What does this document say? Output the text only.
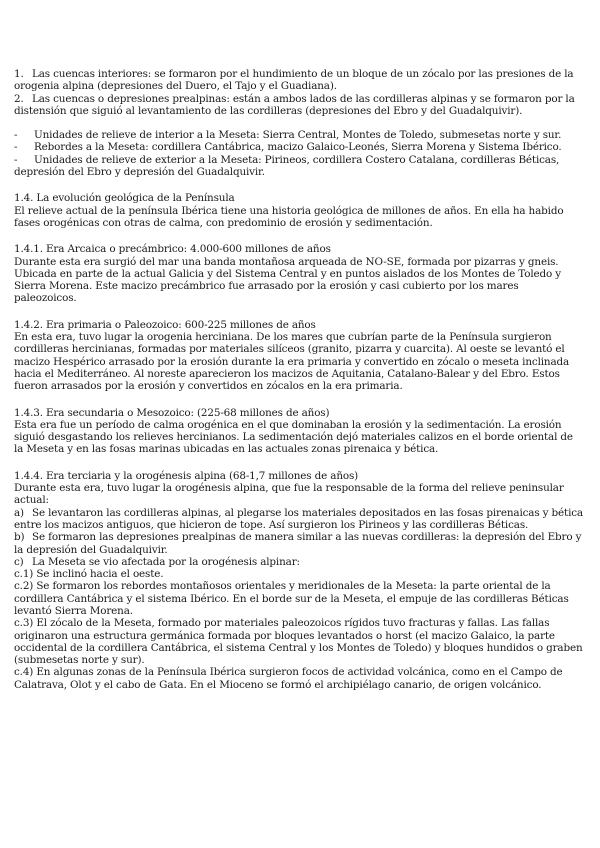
1. Las cuencas interiores: se formaron por el hundimiento de un bloque de un zócalo por las presiones de la orogenia alpina (depresiones del Duero, el Tajo y el Guadiana).

2. Las cuencas o depresiones prealpinas: están a ambos lados de las cordilleras alpinas y se formaron por la distensión que siguió al levantamiento de las cordilleras (depresiones del Ebro y del Guadalquivir).

- Unidades de relieve de interior a la Meseta: Sierra Central, Montes de Toledo, submesetas norte y sur.

- Rebordes a la Meseta: cordillera Cantábrica, macizo Galaico-Leonés, Sierra Morena y Sistema Ibérico.

- Unidades de relieve de exterior a la Meseta: Pirineos, cordillera Costero Catalana, cordilleras Béticas, depresión del Ebro y depresión del Guadalquivir.

1.4. La evolución geológica de la Península

El relieve actual de la península Ibérica tiene una historia geológica de millones de años. En ella ha habido fases orogénicas con otras de calma, con predominio de erosión y sedimentación.

1.4.1. Era Arcaica o precámbrico: 4.000-600 millones de años

Durante esta era surgió del mar una banda montañosa arqueada de NO-SE, formada por pizarras y gneis. Ubicada en parte de la actual Galicia y del Sistema Central y en puntos aislados de los Montes de Toledo y Sierra Morena. Este macizo precámbrico fue arrasado por la erosión y casi cubierto por los mares paleozoicos.

1.4.2. Era primaria o Paleozoico: 600-225 millones de años

En esta era, tuvo lugar la orogenia herciniana. De los mares que cubrían parte de la Península surgieron cordilleras hercinianas, formadas por materiales silíceos (granito, pizarra y cuarcita). Al oeste se levantó el macizo Hespérico arrasado por la erosión durante la era primaria y convertido en zócalo o meseta inclinada hacia el Mediterráneo. Al noreste aparecieron los macizos de Aquitania, Catalano-Balear y del Ebro. Estos fueron arrasados por la erosión y convertidos en zócalos en la era primaria.

1.4.3. Era secundaria o Mesozoico: (225-68 millones de años)

Esta era fue un período de calma orogénica en el que dominaban la erosión y la sedimentación. La erosión siguió desgastando los relieves hercinianos. La sedimentación dejó materiales calizos en el borde oriental de la Meseta y en las fosas marinas ubicadas en las actuales zonas pirenaica y bética.

1.4.4. Era terciaria y la orogénesis alpina (68-1,7 millones de años)

Durante esta era, tuvo lugar la orogénesis alpina, que fue la responsable de la forma del relieve peninsular actual:

a) Se levantaron las cordilleras alpinas, al plegarse los materiales depositados en las fosas pirenaicas y bética entre los macizos antiguos, que hicieron de tope. Así surgieron los Pirineos y las cordilleras Béticas.

b) Se formaron las depresiones prealpinas de manera similar a las nuevas cordilleras: la depresión del Ebro y la depresión del Guadalquivir.

c) La Meseta se vio afectada por la orogénesis alpinar:

c.1) Se inclinó hacia el oeste.

c.2) Se formaron los rebordes montañosos orientales y meridionales de la Meseta: la parte oriental de la cordillera Cantábrica y el sistema Ibérico. En el borde sur de la Meseta, el empuje de las cordilleras Béticas levantó Sierra Morena.

c.3) El zócalo de la Meseta, formado por materiales paleozoicos rígidos tuvo fracturas y fallas. Las fallas originaron una estructura germánica formada por bloques levantados o horst (el macizo Galaico, la parte occidental de la cordillera Cantábrica, el sistema Central y los Montes de Toledo) y bloques hundidos o graben (submesetas norte y sur).

c.4) En algunas zonas de la Península Ibérica surgieron focos de actividad volcánica, como en el Campo de Calatrava, Olot y el cabo de Gata. En el Mioceno se formó el archipiélago canario, de origen volcánico.
